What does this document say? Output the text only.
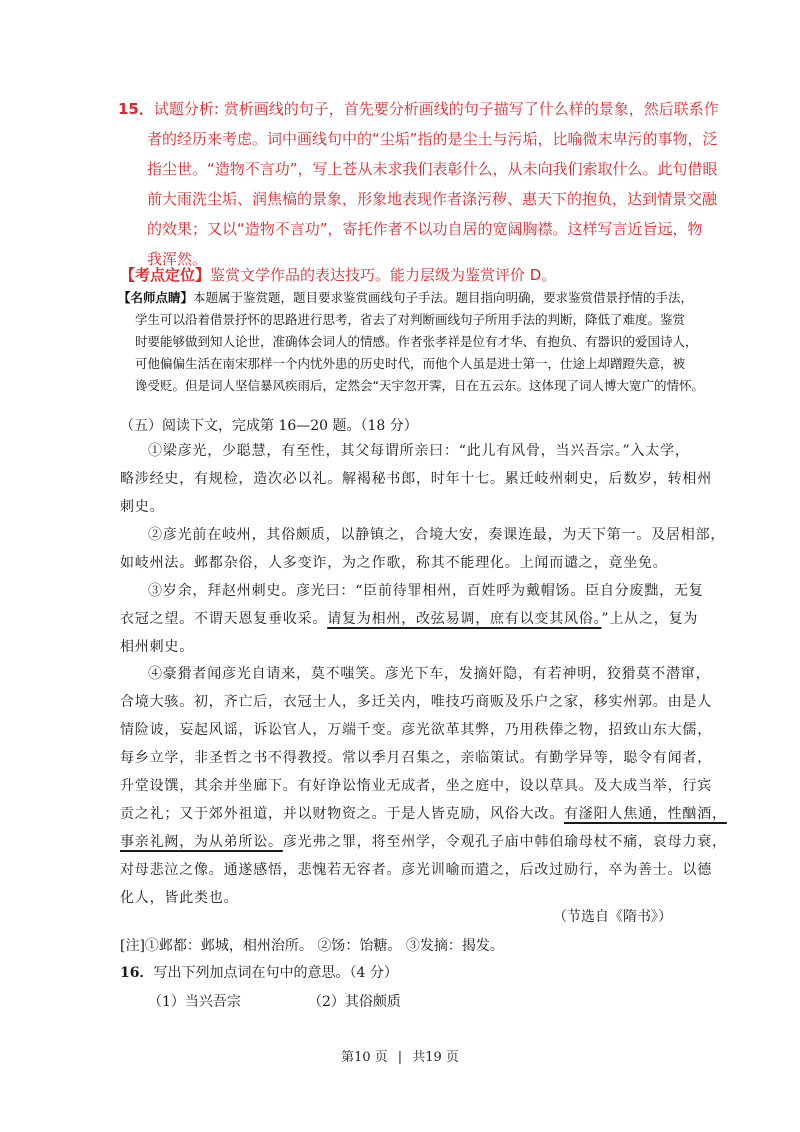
15．试题分析: 赏析画线的句子，首先要分析画线的句子描写了什么样的景象，然后联系作

者的经历来考虑。词中画线句中的“尘垢”指的是尘土与污垢，比喻微末卑污的事物，泛

指尘世。“造物不言功”，写上苍从未求我们表彰什么，从未向我们索取什么。此句借眼

前大雨洗尘垢、润焦槁的景象，形象地表现作者涤污秽、惠天下的抱负，达到情景交融

的效果；又以“造物不言功”，寄托作者不以功自居的宽阔胸襟。这样写言近旨远，物

我浑然。

【考点定位】鉴赏文学作品的表达技巧。能力层级为鉴赏评价 D。

【名师点睛】本题属于鉴赏题，题目要求鉴赏画线句子手法。题目指向明确，要求鉴赏借景抒情的手法，

学生可以沿着借景抒怀的思路进行思考，省去了对判断画线句子所用手法的判断，降低了难度。鉴赏

时要能够做到知人论世，准确体会词人的情感。作者张孝祥是位有才华、有抱负、有器识的爱国诗人，

可他偏偏生活在南宋那样一个内忧外患的历史时代，而他个人虽是进士第一，仕途上却蹭蹬失意，被

谗受贬。但是词人坚信暴风疾雨后，定然会“天宇忽开霁，日在五云东。这体现了词人博大宽广的情怀。

（五）阅读下文，完成第 16—20 题。（18 分）

①梁彦光，少聪慧，有至性，其父每谓所亲曰：“此儿有风骨，当兴吾宗。”入太学，

略涉经史，有规检，造次必以礼。解褐秘书郎，时年十七。累迁岐州刺史，后数岁，转相州

刺史。

②彦光前在岐州，其俗颇质，以静镇之，合境大安，奏课连最，为天下第一。及居相部，

如岐州法。邺都杂俗，人多变诈，为之作歌，称其不能理化。上闻而谴之，竟坐免。

③岁余，拜赵州刺史。彦光曰：“臣前待罪相州，百姓呼为戴帽饧。臣自分废黜，无复

衣冠之望。不谓天恩复垂收采。请复为相州，改弦易调，庶有以变其风俗。”上从之，复为

相州刺史。

④豪猾者闻彦光自请来，莫不嗤笑。彦光下车，发摘奸隐，有若神明，狡猾莫不潜窜，

合境大骇。初，齐亡后，衣冠士人，多迁关内，唯技巧商贩及乐户之家，移实州郭。由是人

情险诐，妄起风谣，诉讼官人，万端千变。彦光欲革其弊，乃用秩俸之物，招致山东大儒，

每乡立学，非圣哲之书不得教授。常以季月召集之，亲临策试。有勤学异等，聪令有闻者，

升堂设馔，其余并坐廊下。有好诤讼惰业无成者，坐之庭中，设以草具。及大成当举，行宾

贡之礼；又于郊外祖道，并以财物资之。于是人皆克励，风俗大改。有滏阳人焦通，性酗酒，

事亲礼阙，为从弟所讼。彦光弗之罪，将至州学，令观孔子庙中韩伯瑜母杖不痛，哀母力衰，

对母悲泣之像。通遂感悟，悲愧若无容者。彦光训喻而遣之，后改过励行，卒为善士。以德

化人，皆此类也。

（节选自《隋书》）
[注]①邺都：邺城，相州治所。 ②饧：饴糖。 ③发摘：揭发。
16．写出下列加点词在句中的意思。（4 分）
（1）当兴吾宗	（2）其俗颇质
第10 页 | 共19 页
